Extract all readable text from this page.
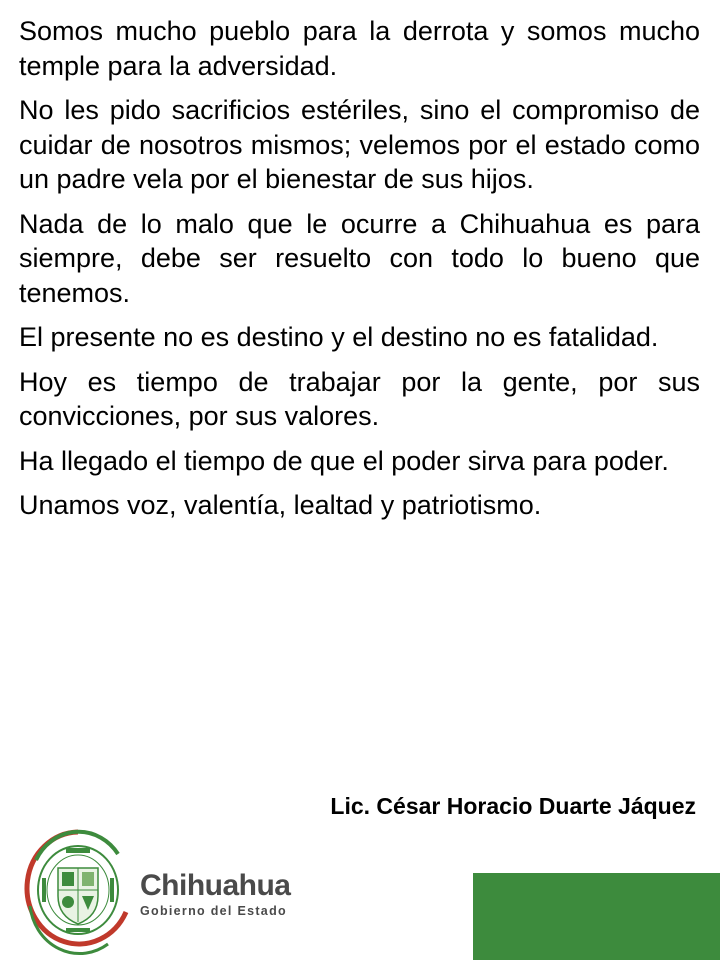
Somos mucho pueblo para la derrota y somos mucho temple para la adversidad.

No les pido sacrificios estériles, sino el compromiso de cuidar de nosotros mismos; velemos por el estado como un padre vela por el bienestar de sus hijos.

Nada de lo malo que le ocurre a Chihuahua es para siempre, debe ser resuelto con todo lo bueno que tenemos.

El presente no es destino y el destino no es fatalidad.

Hoy es tiempo de trabajar por la gente, por sus convicciones, por sus valores.

Ha llegado el tiempo de que el poder sirva para poder.

Unamos voz, valentía, lealtad y patriotismo.

Lic. César Horacio Duarte Jáquez
Chihuahua
Gobierno del Estado
